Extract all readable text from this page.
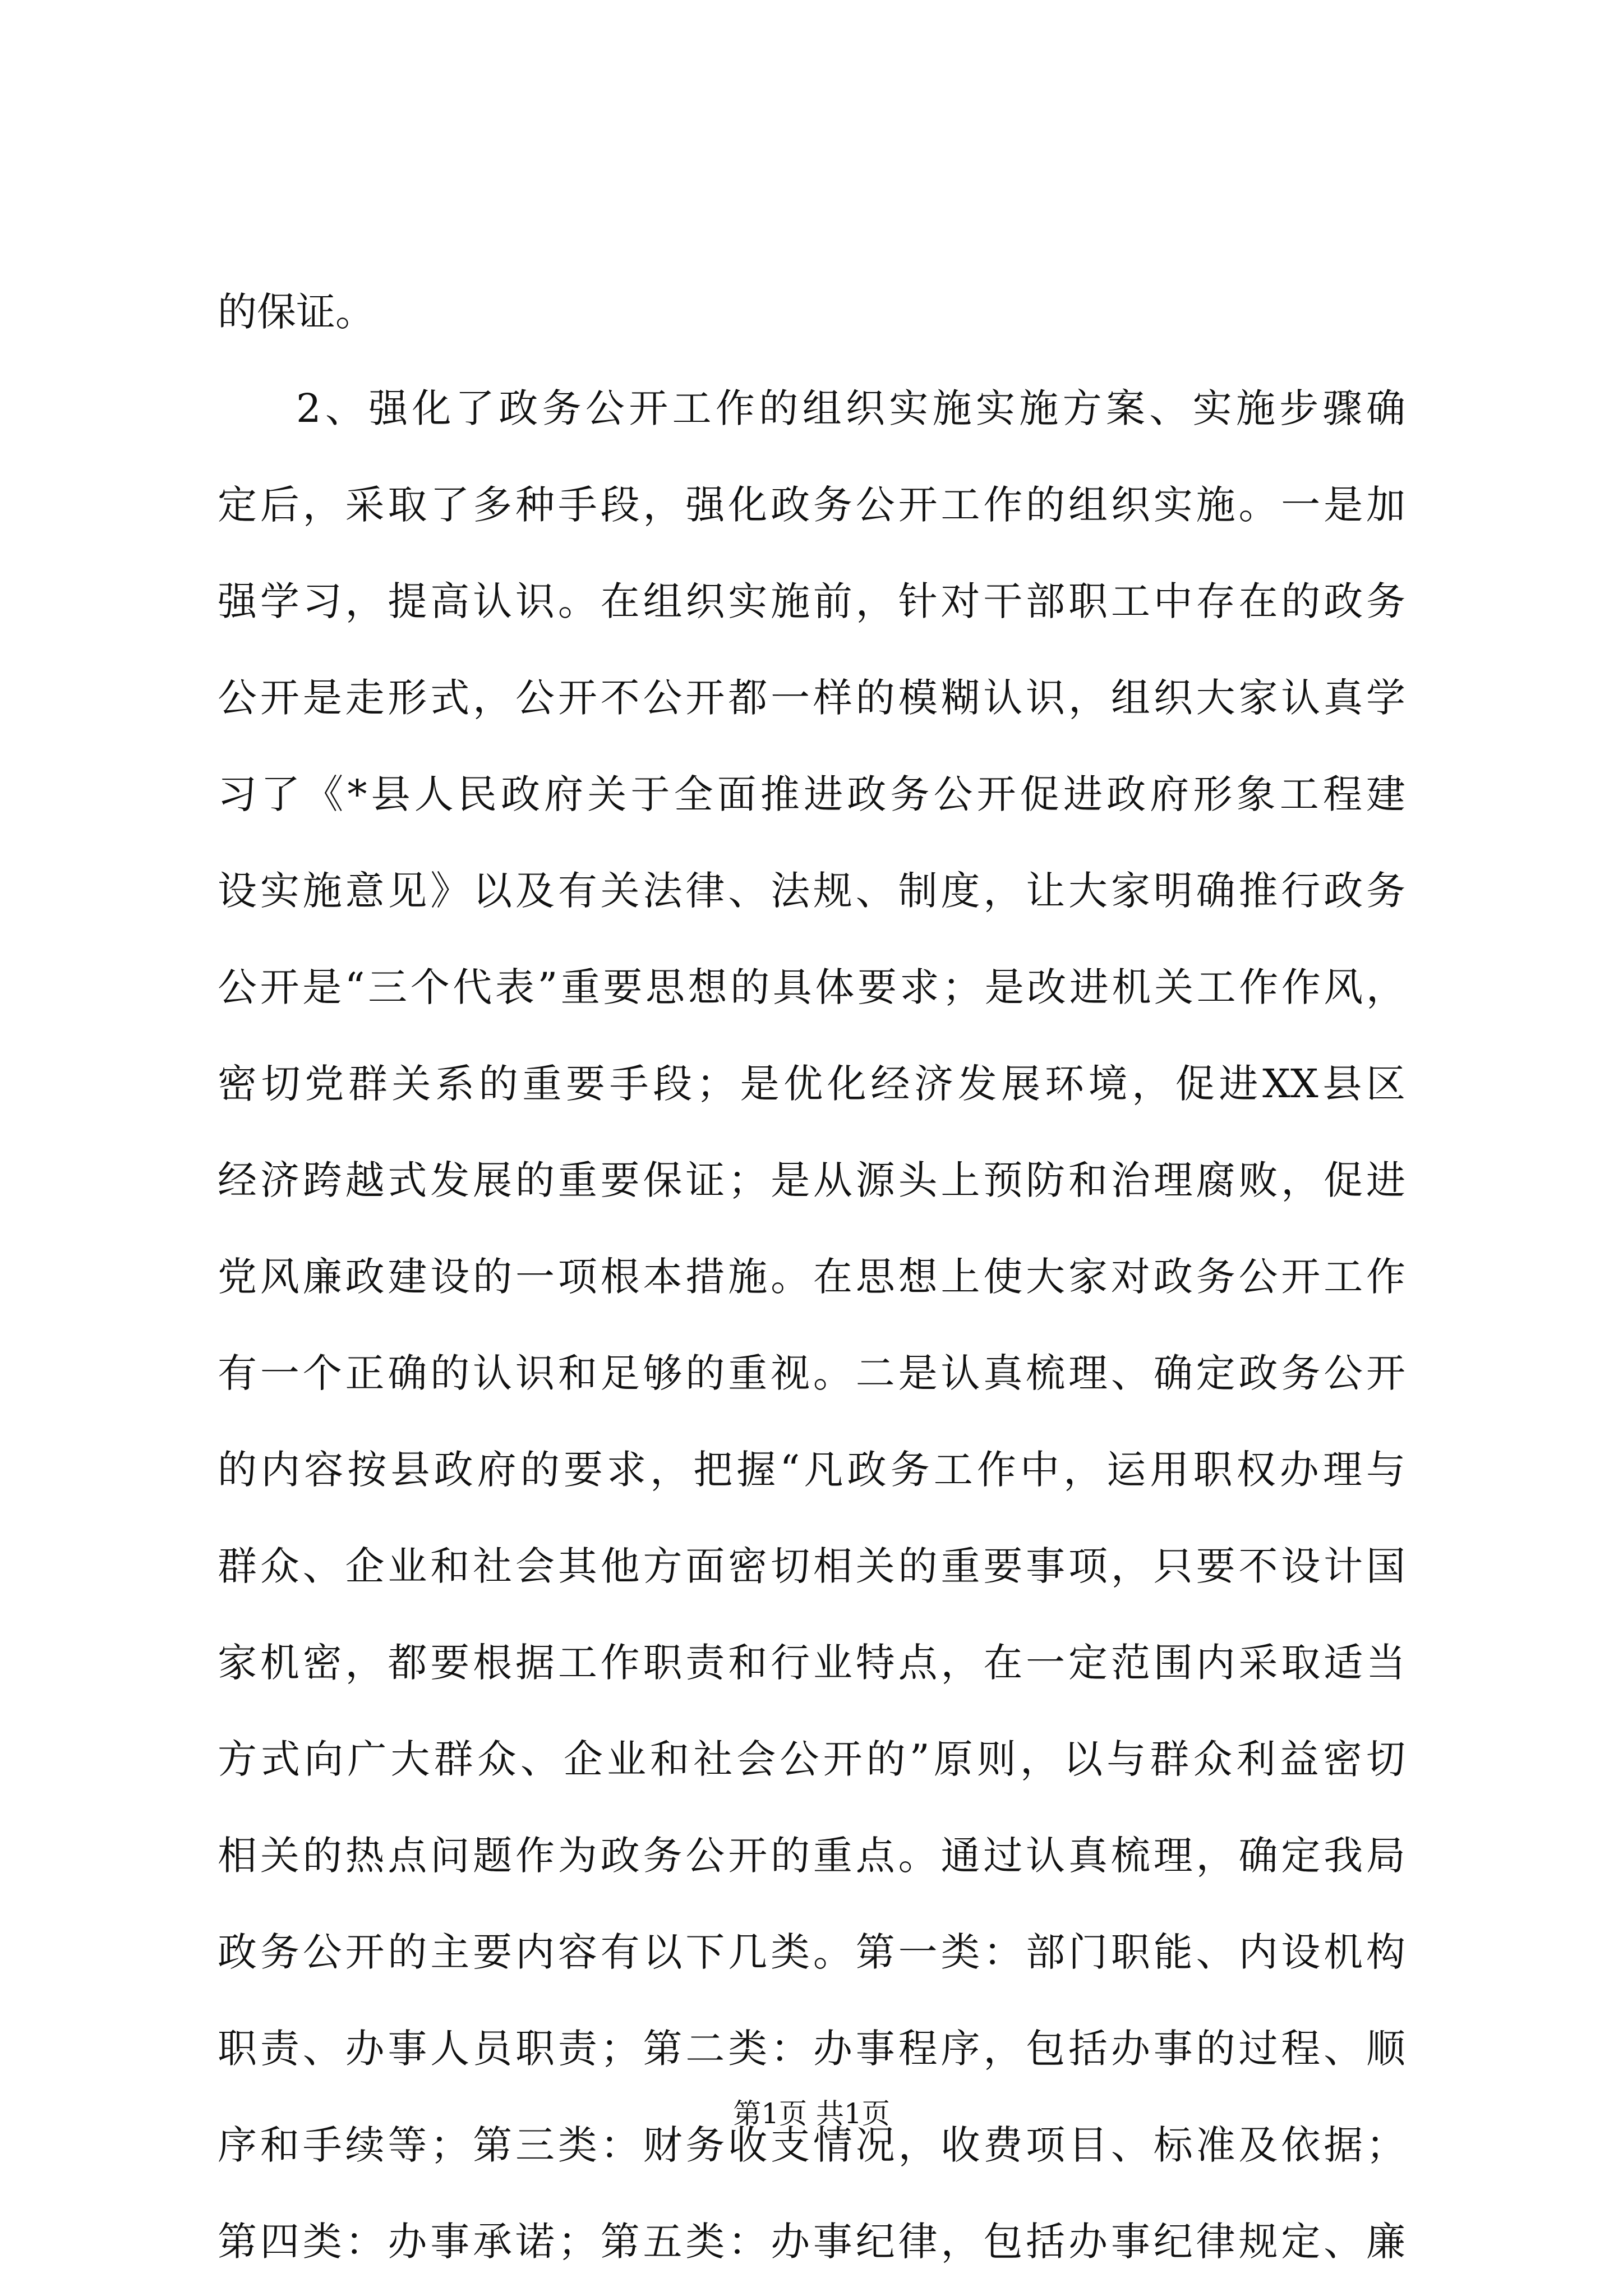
的保证。
2、强化了政务公开工作的组织实施实施方案、实施步骤确
定后，采取了多种手段，强化政务公开工作的组织实施。一是加
强学习，提高认识。在组织实施前，针对干部职工中存在的政务
公开是走形式，公开不公开都一样的模糊认识，组织大家认真学
习了《*县人民政府关于全面推进政务公开促进政府形象工程建
设实施意见》以及有关法律、法规、制度，让大家明确推行政务
公开是“三个代表”重要思想的具体要求；是改进机关工作作风，
密切党群关系的重要手段；是优化经济发展环境，促进XX县区
经济跨越式发展的重要保证；是从源头上预防和治理腐败，促进
党风廉政建设的一项根本措施。在思想上使大家对政务公开工作
有一个正确的认识和足够的重视。二是认真梳理、确定政务公开
的内容按县政府的要求，把握“凡政务工作中，运用职权办理与
群众、企业和社会其他方面密切相关的重要事项，只要不设计国
家机密，都要根据工作职责和行业特点，在一定范围内采取适当
方式向广大群众、企业和社会公开的”原则，以与群众利益密切
相关的热点问题作为政务公开的重点。通过认真梳理，确定我局
政务公开的主要内容有以下几类。第一类：部门职能、内设机构
职责、办事人员职责；第二类：办事程序，包括办事的过程、顺
序和手续等；第三类：财务收支情况，收费项目、标准及依据；
第四类：办事承诺；第五类：办事纪律，包括办事纪律规定、廉
第1页 共1页
